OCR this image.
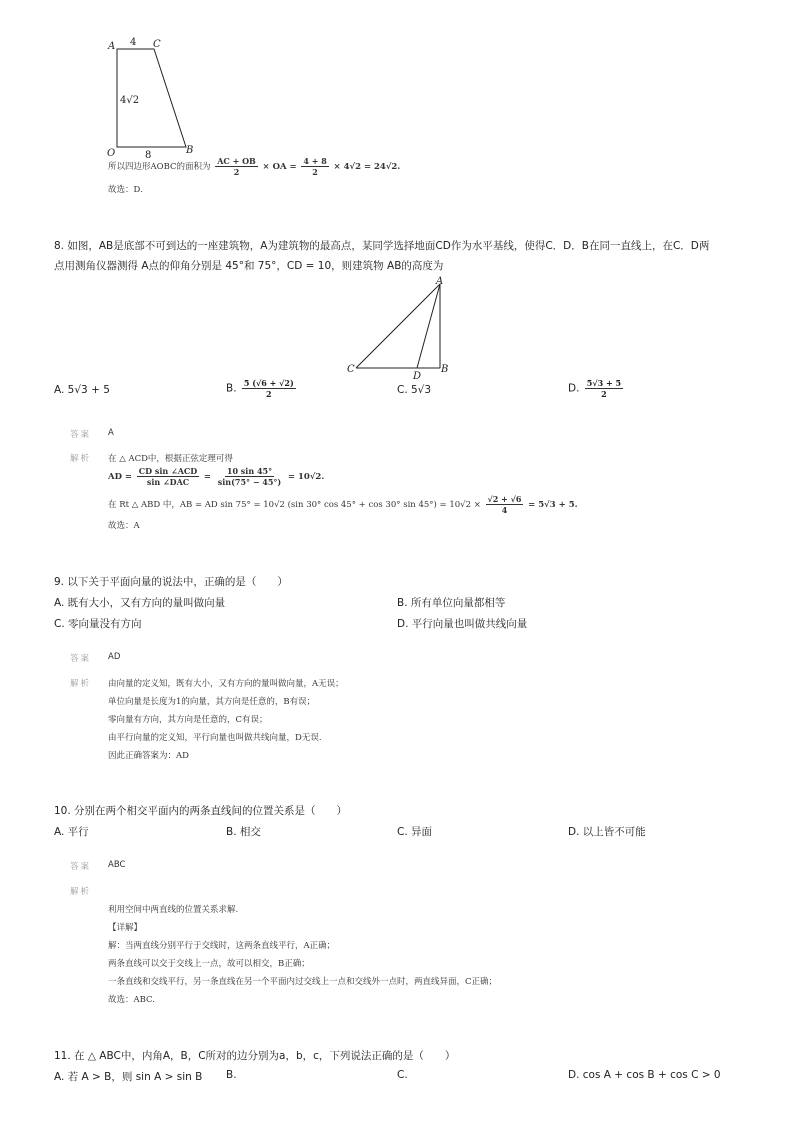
A	C
4
4√2
O	B
8
所以四边形AOBC的面积为 $\frac{AC + OB}{2}$ × OA = $\frac{4 + 8}{2} \times 4√2 = 24√2$.
故选：D.
8. 如图，AB是底部不可到达的一座建筑物，A为建筑物的最高点，某同学选择地面CD作为水平基线，使得C．D．B在同一直线上，在C．D两
点用测角仪器测得 A点的仰角分别是 45°和 75°，CD = 10，则建筑物 AB的高度为
A
C
D
B
A. 5√3 + 5	B. $\frac{5 (√6 + √2)}{2}$	C. 5√3	D. $\frac{5√3 + 5}{2}$
答案 A
解析 在 △ ACD中，根据正弦定理可得
AD = $\frac{\text{CD sin ∠ACD}}{\text{sin ∠DAC}} = \frac{10 \sin 45^\circ}{\sin(75^\circ - 45^\circ)} = 10√2$.
在 Rt △ ABD 中，AB = AD sin 75° = 10√2 (sin 30° cos 45° + cos 30° $\sin 45^\circ) = 10√2 \times \frac{√2 + √6}{4} = 5√3 + 5$.
故选：A
9. 以下关于平面向量的说法中，正确的是（　　）
A. 既有大小，又有方向的量叫做向量	B. 所有单位向量都相等
C. 零向量没有方向	D. 平行向量也叫做共线向量
答案 AD
解析 由向量的定义知，既有大小，又有方向的量叫做向量，A无误；
单位向量是长度为1的向量，其方向是任意的，B有误；
零向量有方向，其方向是任意的，C有误；
由平行向量的定义知，平行向量也叫做共线向量，D无误.
因此正确答案为：AD
10. 分别在两个相交平面内的两条直线间的位置关系是（　　）
A. 平行	B. 相交	C. 异面	D. 以上皆不可能
答案 ABC
解析
利用空间中两直线的位置关系求解.
【详解】
解：当两直线分别平行于交线时，这两条直线平行，A正确；
两条直线可以交于交线上一点，故可以相交，B正确；
一条直线和交线平行，另一条直线在另一个平面内过交线上一点和交线外一点时，两直线异面，C正确；
故选：ABC.
11. 在 △ ABC中，内角A，B，C所对的边分别为a，b，c，下列说法正确的是（　　）
A. 若 A > B，则 sin A > sin B B.	C.	D. cos A + cos B + cos C > 0
